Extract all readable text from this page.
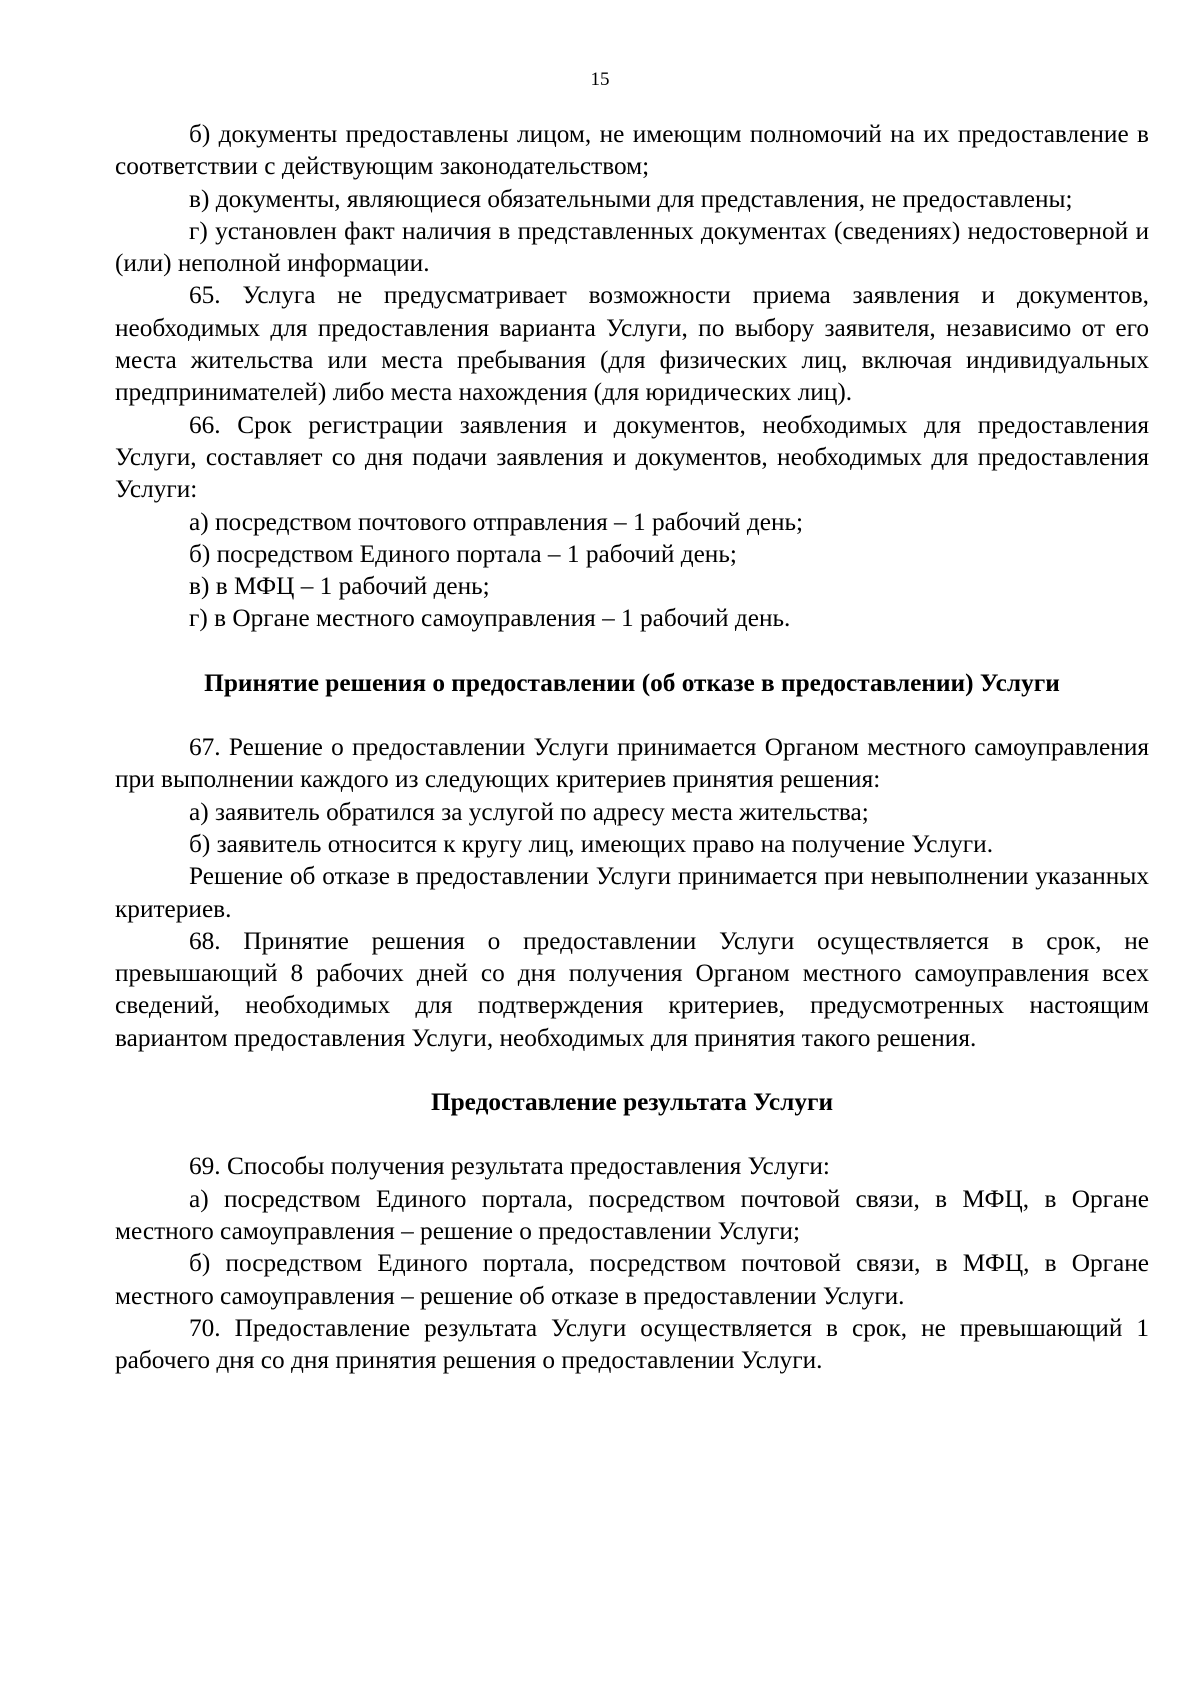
15

б) документы предоставлены лицом, не имеющим полномочий на их предоставление в соответствии с действующим законодательством;

в) документы, являющиеся обязательными для представления, не предоставлены;

г) установлен факт наличия в представленных документах (сведениях) недостоверной и (или) неполной информации.

65. Услуга не предусматривает возможности приема заявления и документов, необходимых для предоставления варианта Услуги, по выбору заявителя, независимо от его места жительства или места пребывания (для физических лиц, включая индивидуальных предпринимателей) либо места нахождения (для юридических лиц).

66. Срок регистрации заявления и документов, необходимых для предоставления Услуги, составляет со дня подачи заявления и документов, необходимых для предоставления Услуги:

а) посредством почтового отправления – 1 рабочий день;

б) посредством Единого портала – 1 рабочий день;

в) в МФЦ – 1 рабочий день;

г) в Органе местного самоуправления – 1 рабочий день.

Принятие решения о предоставлении (об отказе в предоставлении) Услуги

67. Решение о предоставлении Услуги принимается Органом местного самоуправления при выполнении каждого из следующих критериев принятия решения:

а) заявитель обратился за услугой по адресу места жительства;

б) заявитель относится к кругу лиц, имеющих право на получение Услуги.

Решение об отказе в предоставлении Услуги принимается при невыполнении указанных критериев.

68. Принятие решения о предоставлении Услуги осуществляется в срок, не превышающий 8 рабочих дней со дня получения Органом местного самоуправления всех сведений, необходимых для подтверждения критериев, предусмотренных настоящим вариантом предоставления Услуги, необходимых для принятия такого решения.

Предоставление результата Услуги

69. Способы получения результата предоставления Услуги:

а) посредством Единого портала, посредством почтовой связи, в МФЦ, в Органе местного самоуправления – решение о предоставлении Услуги;

б) посредством Единого портала, посредством почтовой связи, в МФЦ, в Органе местного самоуправления – решение об отказе в предоставлении Услуги.

70. Предоставление результата Услуги осуществляется в срок, не превышающий 1 рабочего дня со дня принятия решения о предоставлении Услуги.
